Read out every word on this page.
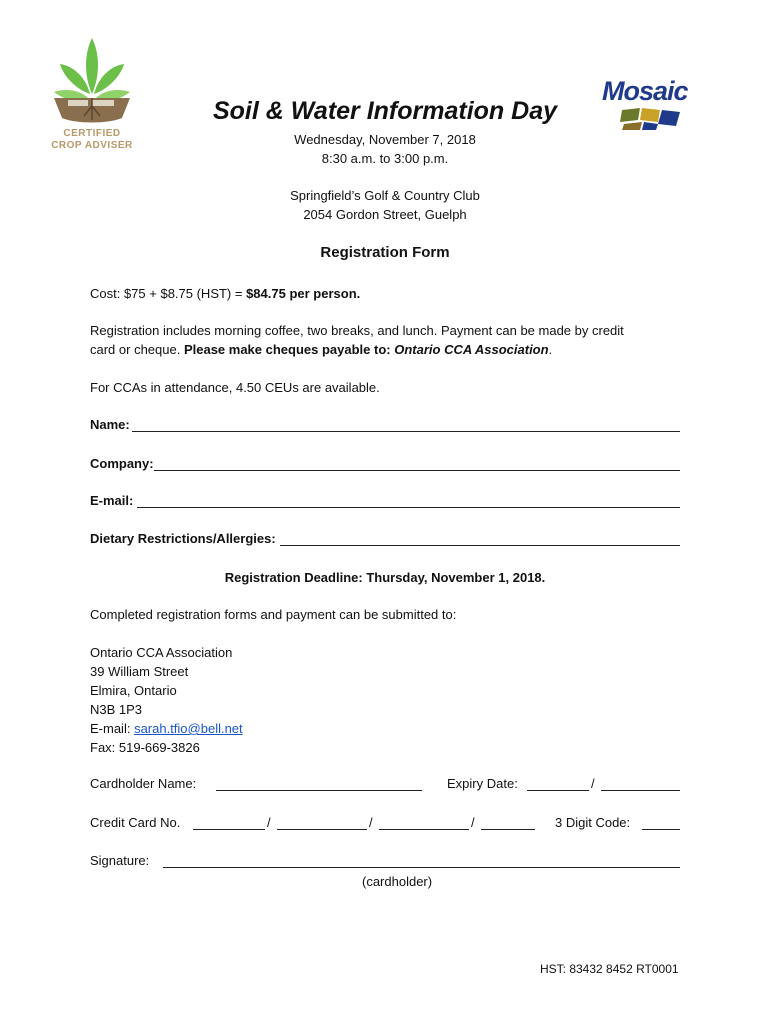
CERTIFIED
CROP ADVISER
Mosaic
Soil & Water Information Day
Wednesday, November 7, 2018
8:30 a.m. to 3:00 p.m.
Springfield’s Golf & Country Club
2054 Gordon Street, Guelph
Registration Form
Cost: $75 + $8.75 (HST) = $84.75 per person.
Registration includes morning coffee, two breaks, and lunch. Payment can be made by credit
card or cheque. Please make cheques payable to: Ontario CCA Association.
For CCAs in attendance, 4.50 CEUs are available.
Name:
Company:
E-mail:
Dietary Restrictions/Allergies:
Registration Deadline: Thursday, November 1, 2018.
Completed registration forms and payment can be submitted to:
Ontario CCA Association
39 William Street
Elmira, Ontario
N3B 1P3
E-mail: sarah.tfio@bell.net
Fax: 519-669-3826
Cardholder Name:	Expiry Date:	/
Credit Card No.	/	/	/	3 Digit Code:
Signature:
(cardholder)
HST: 83432 8452 RT0001
